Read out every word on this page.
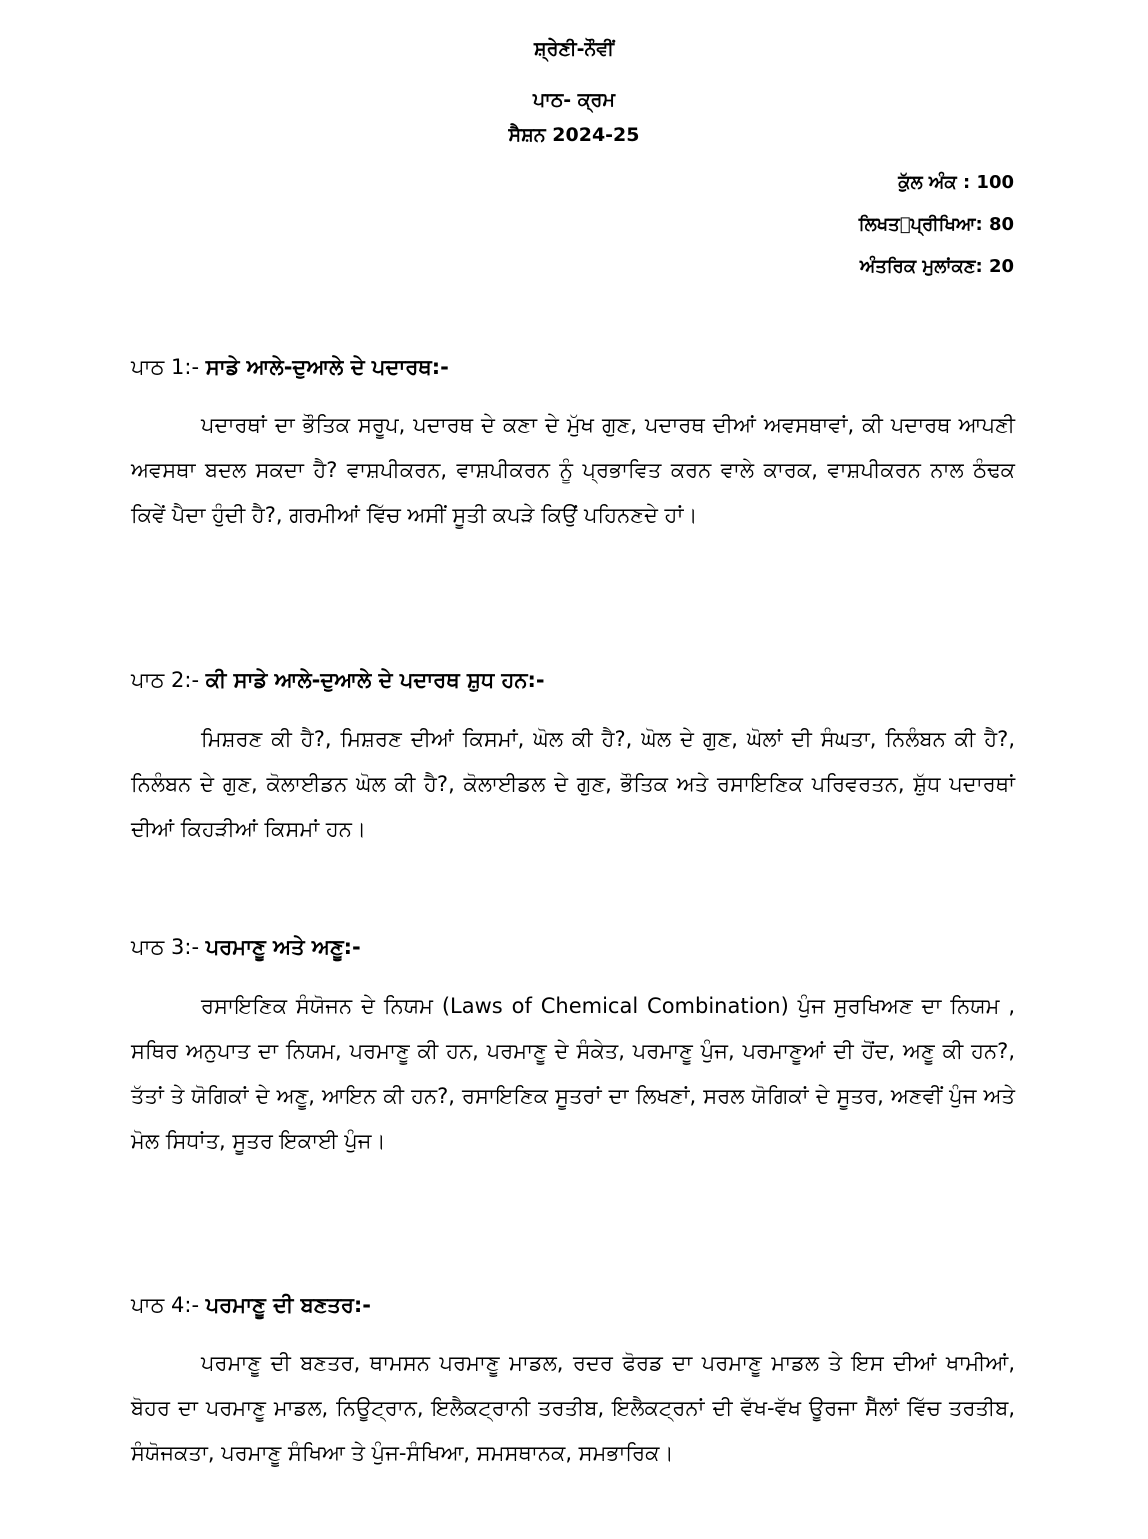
ਸ਼੍ਰੇਣੀ-ਨੌਵੀਂ
ਪਾਠ- ਕ੍ਰਮ
ਸੈਸ਼ਨ 2024-25
ਕੁੱਲ ਅੰਕ : 100
ਲਿਖਤ ਪ੍ਰੀਖਿਆ: 80
ਅੰਤਰਿਕ ਮੁਲਾਂਕਣ: 20
ਪਾਠ 1:- ਸਾਡੇ ਆਲੇ-ਦੁਆਲੇ ਦੇ ਪਦਾਰਥ:-

ਪਦਾਰਥਾਂ ਦਾ ਭੌਤਿਕ ਸਰੂਪ, ਪਦਾਰਥ ਦੇ ਕਣਾ ਦੇ ਮੁੱਖ ਗੁਣ, ਪਦਾਰਥ ਦੀਆਂ ਅਵਸਥਾਵਾਂ, ਕੀ ਪਦਾਰਥ ਆਪਣੀ ਅਵਸਥਾ ਬਦਲ ਸਕਦਾ ਹੈ? ਵਾਸ਼ਪੀਕਰਨ, ਵਾਸ਼ਪੀਕਰਨ ਨੂੰ ਪ੍ਰਭਾਵਿਤ ਕਰਨ ਵਾਲੇ ਕਾਰਕ, ਵਾਸ਼ਪੀਕਰਨ ਨਾਲ ਠੰਢਕ ਕਿਵੇਂ ਪੈਦਾ ਹੁੰਦੀ ਹੈ?, ਗਰਮੀਆਂ ਵਿੱਚ ਅਸੀਂ ਸੂਤੀ ਕਪੜੇ ਕਿਉਂ ਪਹਿਨਣਦੇ ਹਾਂ।

ਪਾਠ 2:- ਕੀ ਸਾਡੇ ਆਲੇ-ਦੁਆਲੇ ਦੇ ਪਦਾਰਥ ਸ਼ੁਧ ਹਨ:-

ਮਿਸ਼ਰਣ ਕੀ ਹੈ?, ਮਿਸ਼ਰਣ ਦੀਆਂ ਕਿਸਮਾਂ, ਘੋਲ ਕੀ ਹੈ?, ਘੋਲ ਦੇ ਗੁਣ, ਘੋਲਾਂ ਦੀ ਸੰਘਤਾ, ਨਿਲੰਬਨ ਕੀ ਹੈ?, ਨਿਲੰਬਨ ਦੇ ਗੁਣ, ਕੋਲਾਈਡਨ ਘੋਲ ਕੀ ਹੈ?, ਕੋਲਾਈਡਲ ਦੇ ਗੁਣ, ਭੌਤਿਕ ਅਤੇ ਰਸਾਇਣਿਕ ਪਰਿਵਰਤਨ, ਸ਼ੁੱਧ ਪਦਾਰਥਾਂ ਦੀਆਂ ਕਿਹੜੀਆਂ ਕਿਸਮਾਂ ਹਨ।

ਪਾਠ 3:- ਪਰਮਾਣੂ ਅਤੇ ਅਣੂ:-

ਰਸਾਇਣਿਕ ਸੰਯੋਜਨ ਦੇ ਨਿਯਮ (Laws of Chemical Combination) ਪੁੰਜ ਸੁਰਖਿਅਣ ਦਾ ਨਿਯਮ , ਸਥਿਰ ਅਨੁਪਾਤ ਦਾ ਨਿਯਮ, ਪਰਮਾਣੂ ਕੀ ਹਨ, ਪਰਮਾਣੂ ਦੇ ਸੰਕੇਤ, ਪਰਮਾਣੂ ਪੁੰਜ, ਪਰਮਾਣੂਆਂ ਦੀ ਹੋਂਦ, ਅਣੂ ਕੀ ਹਨ?, ਤੱਤਾਂ ਤੇ ਯੋਗਿਕਾਂ ਦੇ ਅਣੂ, ਆਇਨ ਕੀ ਹਨ?, ਰਸਾਇਣਿਕ ਸੂਤਰਾਂ ਦਾ ਲਿਖਣਾਂ, ਸਰਲ ਯੋਗਿਕਾਂ ਦੇ ਸੂਤਰ, ਅਣਵੀਂ ਪੁੰਜ ਅਤੇ ਮੋਲ ਸਿਧਾਂਤ, ਸੂਤਰ ਇਕਾਈ ਪੁੰਜ।

ਪਾਠ 4:- ਪਰਮਾਣੂ ਦੀ ਬਣਤਰ:-

ਪਰਮਾਣੂ ਦੀ ਬਣਤਰ, ਥਾਮਸਨ ਪਰਮਾਣੂ ਮਾਡਲ, ਰਦਰ ਫੋਰਡ ਦਾ ਪਰਮਾਣੂ ਮਾਡਲ ਤੇ ਇਸ ਦੀਆਂ ਖਾਮੀਆਂ, ਬੋਹਰ ਦਾ ਪਰਮਾਣੂ ਮਾਡਲ, ਨਿਊਟ੍ਰਾਨ, ਇਲੈਕਟ੍ਰਾਨੀ ਤਰਤੀਬ, ਇਲੈਕਟ੍ਰਨਾਂ ਦੀ ਵੱਖ-ਵੱਖ ਊਰਜਾ ਸੈੱਲਾਂ ਵਿੱਚ ਤਰਤੀਬ, ਸੰਯੋਜਕਤਾ, ਪਰਮਾਣੂ ਸੰਖਿਆ ਤੇ ਪੁੰਜ-ਸੰਖਿਆ, ਸਮਸਥਾਨਕ, ਸਮਭਾਰਿਕ।
